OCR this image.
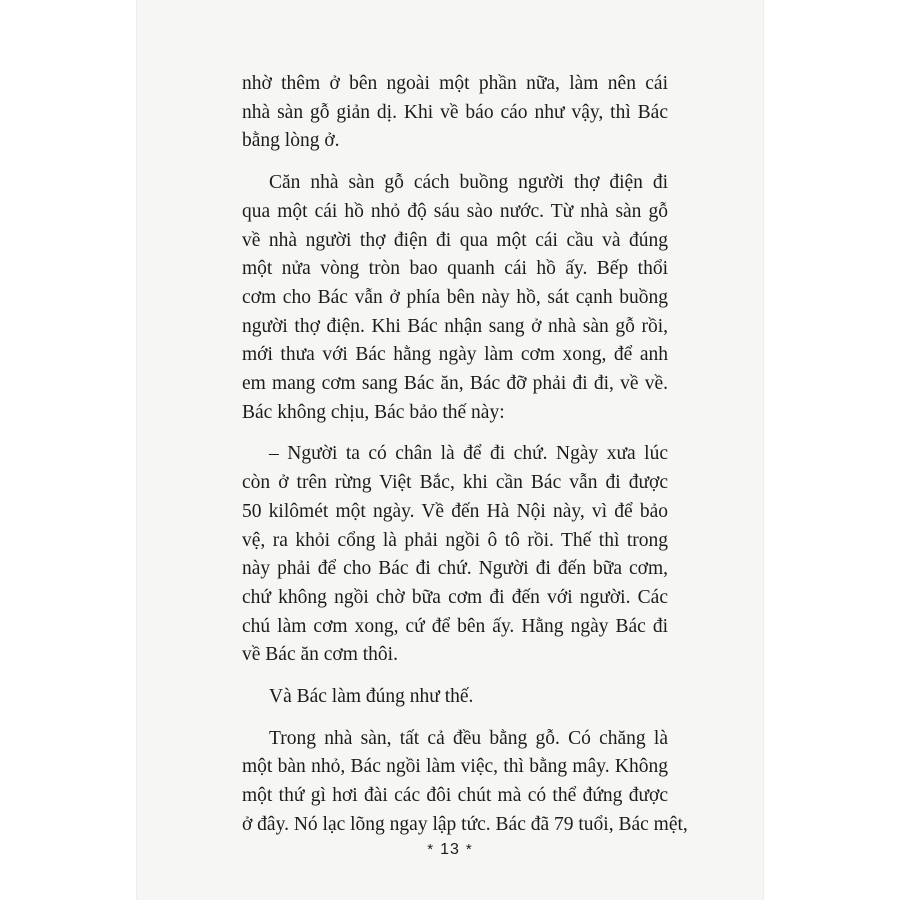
nhờ thêm ở bên ngoài một phần nữa, làm nên cái
nhà sàn gỗ giản dị. Khi về báo cáo như vậy, thì Bác
bằng lòng ở.

Căn nhà sàn gỗ cách buồng người thợ điện đi
qua một cái hồ nhỏ độ sáu sào nước. Từ nhà sàn gỗ
về nhà người thợ điện đi qua một cái cầu và đúng
một nửa vòng tròn bao quanh cái hồ ấy. Bếp thổi
cơm cho Bác vẫn ở phía bên này hồ, sát cạnh buồng
người thợ điện. Khi Bác nhận sang ở nhà sàn gỗ rồi,
mới thưa với Bác hằng ngày làm cơm xong, để anh
em mang cơm sang Bác ăn, Bác đỡ phải đi đi, về về.
Bác không chịu, Bác bảo thế này:

– Người ta có chân là để đi chứ. Ngày xưa lúc
còn ở trên rừng Việt Bắc, khi cần Bác vẫn đi được
50 kilômét một ngày. Về đến Hà Nội này, vì để bảo
vệ, ra khỏi cổng là phải ngồi ô tô rồi. Thế thì trong
này phải để cho Bác đi chứ. Người đi đến bữa cơm,
chứ không ngồi chờ bữa cơm đi đến với người. Các
chú làm cơm xong, cứ để bên ấy. Hằng ngày Bác đi
về Bác ăn cơm thôi.

Và Bác làm đúng như thế.

Trong nhà sàn, tất cả đều bằng gỗ. Có chăng là
một bàn nhỏ, Bác ngồi làm việc, thì bằng mây. Không
một thứ gì hơi đài các đôi chút mà có thể đứng được
ở đây. Nó lạc lõng ngay lập tức. Bác đã 79 tuổi, Bác mệt,

* 13 *
